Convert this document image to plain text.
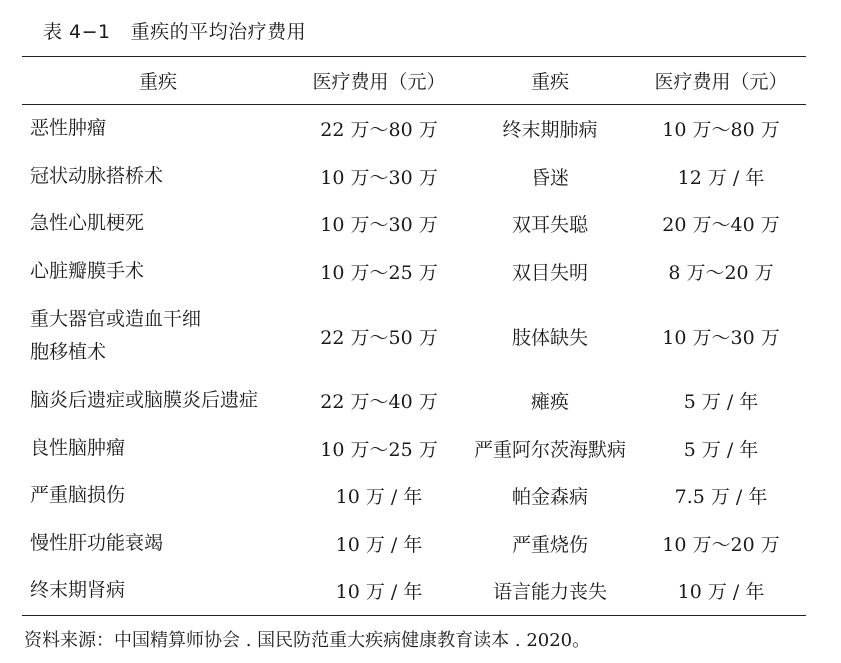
表 4−1 重疾的平均治疗费用
重疾	医疗费用（元）	重疾	医疗费用（元）
恶性肿瘤	22 万～80 万	终末期肺病	10 万～80 万
冠状动脉搭桥术	10 万～30 万	昏迷	12 万 / 年
急性心肌梗死	10 万～30 万	双耳失聪	20 万～40 万
心脏瓣膜手术	10 万～25 万	双目失明	8 万～20 万
重大器官或造血干细胞移植术	22 万～50 万	肢体缺失	10 万～30 万
脑炎后遗症或脑膜炎后遗症	22 万～40 万	瘫痪	5 万 / 年
良性脑肿瘤	10 万～25 万	严重阿尔茨海默病	5 万 / 年
严重脑损伤	10 万 / 年	帕金森病	7.5 万 / 年
慢性肝功能衰竭	10 万 / 年	严重烧伤	10 万～20 万
终末期肾病	10 万 / 年	语言能力丧失	10 万 / 年
资料来源：中国精算师协会 . 国民防范重大疾病健康教育读本 . 2020。
